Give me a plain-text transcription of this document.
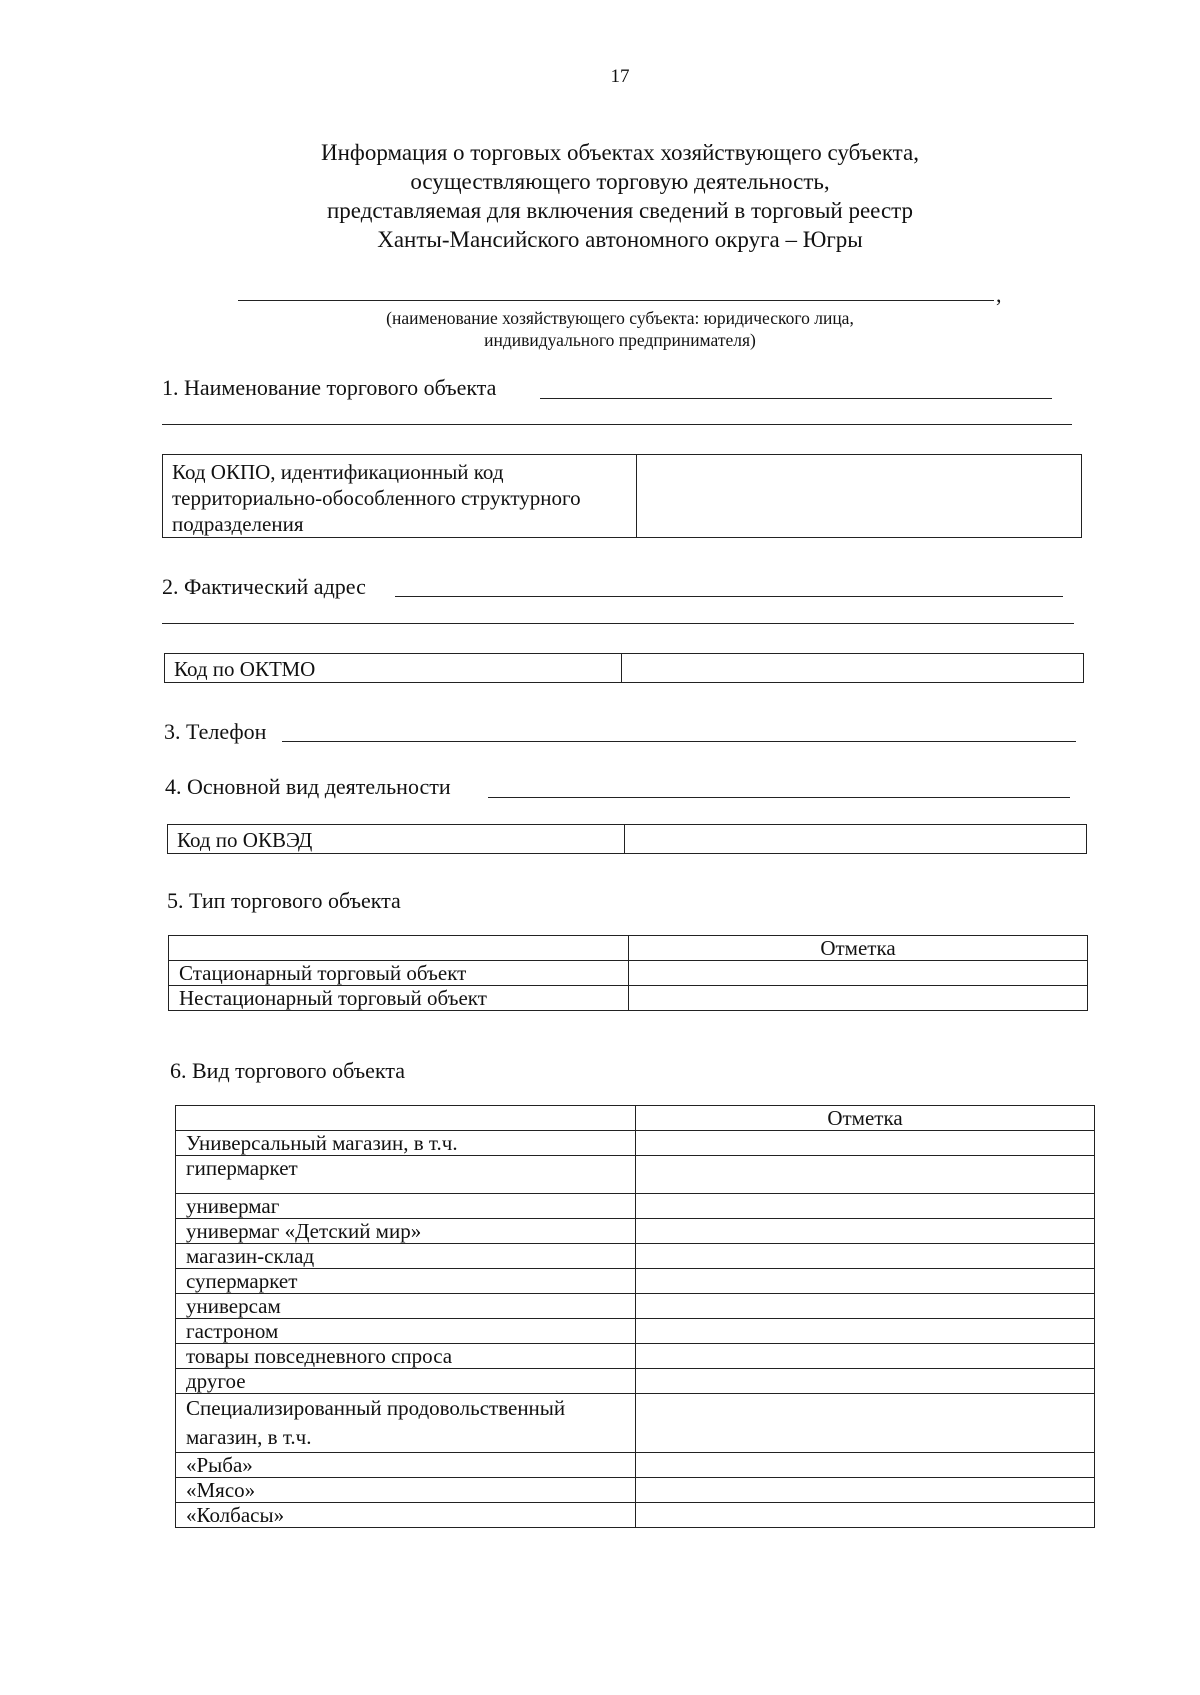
17
Информация о торговых объектах хозяйствующего субъекта,
осуществляющего торговую деятельность,
представляемая для включения сведений в торговый реестр
Ханты-Мансийского автономного округа – Югры
,
(наименование хозяйствующего субъекта: юридического лица,
индивидуального предпринимателя)
1. Наименование торгового объекта
Код ОКПО, идентификационный код
территориально-обособленного структурного
подразделения

2. Фактический адрес
Код по ОКТМО	
3. Телефон
4. Основной вид деятельности
Код по ОКВЭД	
5. Тип торгового объекта
	Отметка
Стационарный торговый объект	
Нестационарный торговый объект	
6. Вид торгового объекта
	Отметка
Универсальный магазин, в т.ч.	
гипермаркет	
универмаг	
универмаг «Детский мир»	
магазин-склад	
супермаркет	
универсам	
гастроном	
товары повседневного спроса	
другое	
Специализированный продовольственный магазин, в т.ч.	
«Рыба»	
«Мясо»	
«Колбасы»	
